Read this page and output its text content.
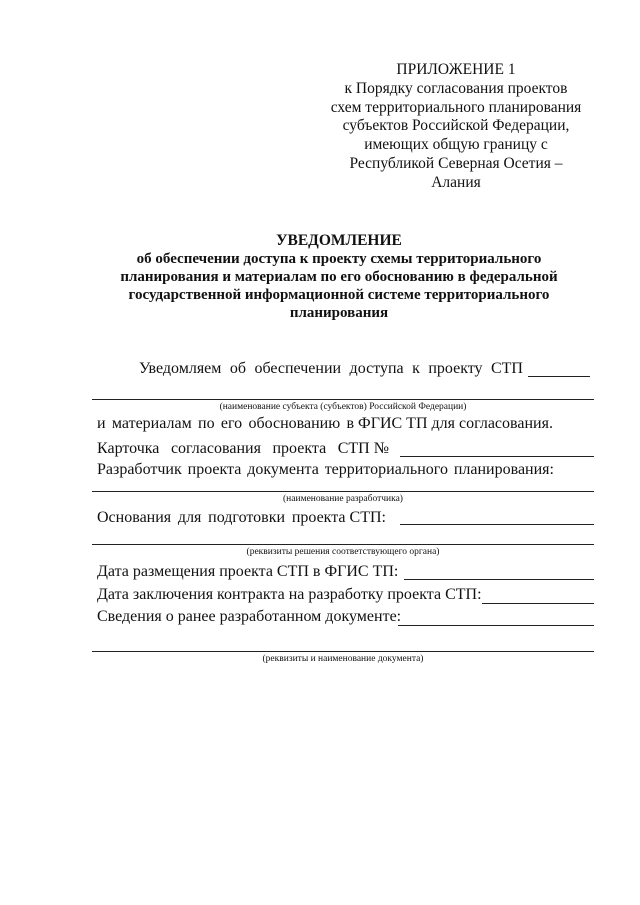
ПРИЛОЖЕНИЕ 1
к Порядку согласования проектов
схем территориального планирования
субъектов Российской Федерации,
имеющих общую границу с
Республикой Северная Осетия –
Алания
УВЕДОМЛЕНИЕ
об обеспечении доступа к проекту схемы территориального
планирования и материалам по его обоснованию в федеральной
государственной информационной системе территориального
планирования
Уведомляем об обеспечении доступа к проекту СТП
(наименование субъекта (субъектов) Российской Федерации)
и материалам по его обоснованию в ФГИС ТП для согласования.
Карточка согласования проекта СТП №
Разработчик проекта документа территориального планирования:
(наименование разработчика)
Основания для подготовки проекта СТП:
(реквизиты решения соответствующего органа)
Дата размещения проекта СТП в ФГИС ТП:
Дата заключения контракта на разработку проекта СТП:
Сведения о ранее разработанном документе:
(реквизиты и наименование документа)
